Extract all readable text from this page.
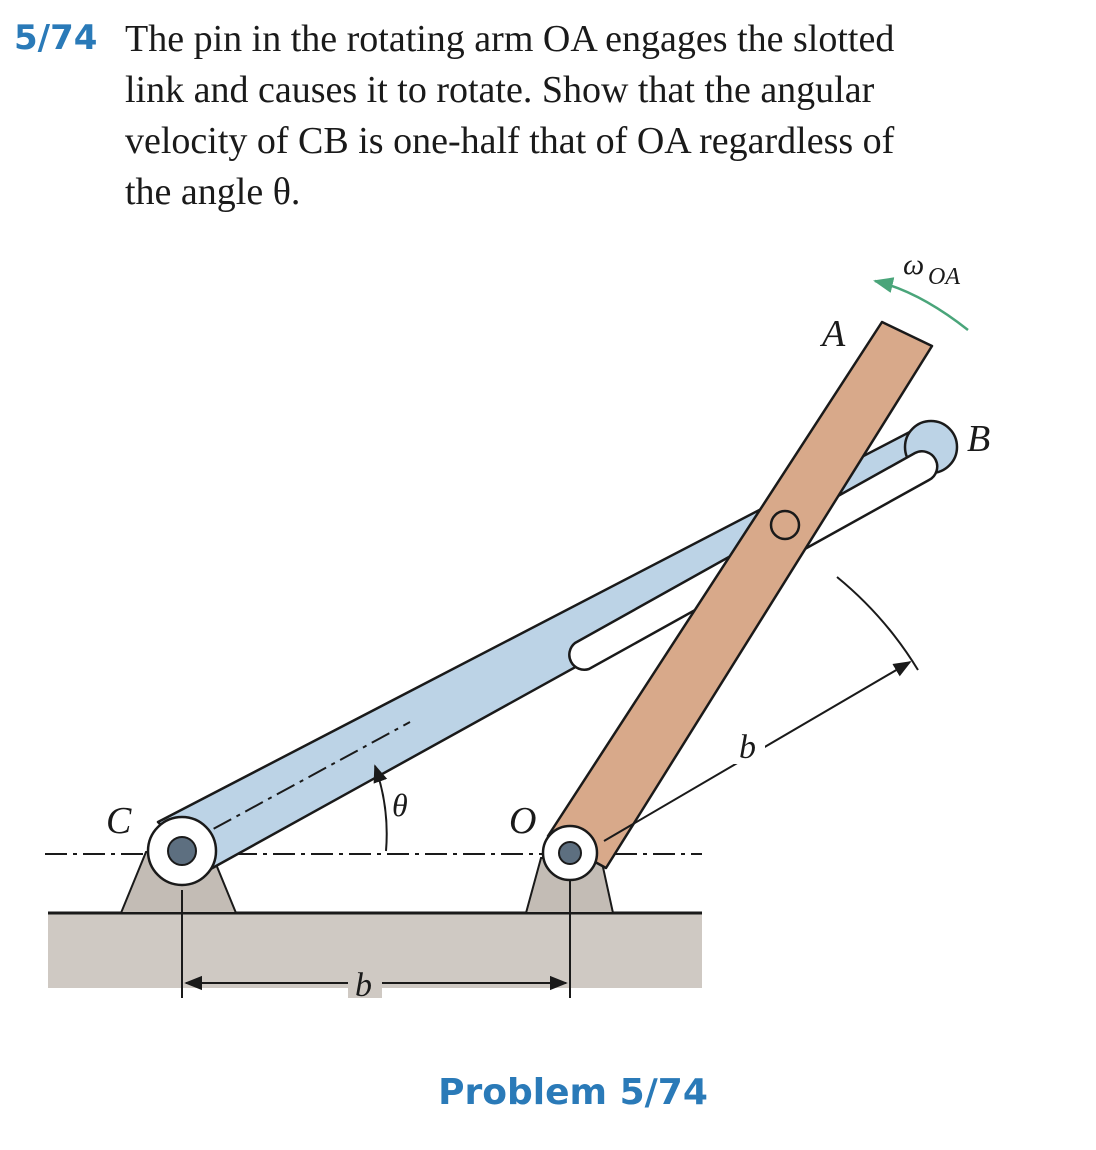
5/74 The pin in the rotating arm OA engages the slotted
link and causes it to rotate. Show that the angular
velocity of CB is one-half that of OA regardless of
the angle θ.
θ
b
b
ω OA
A
B
C	O
Problem 5/74
